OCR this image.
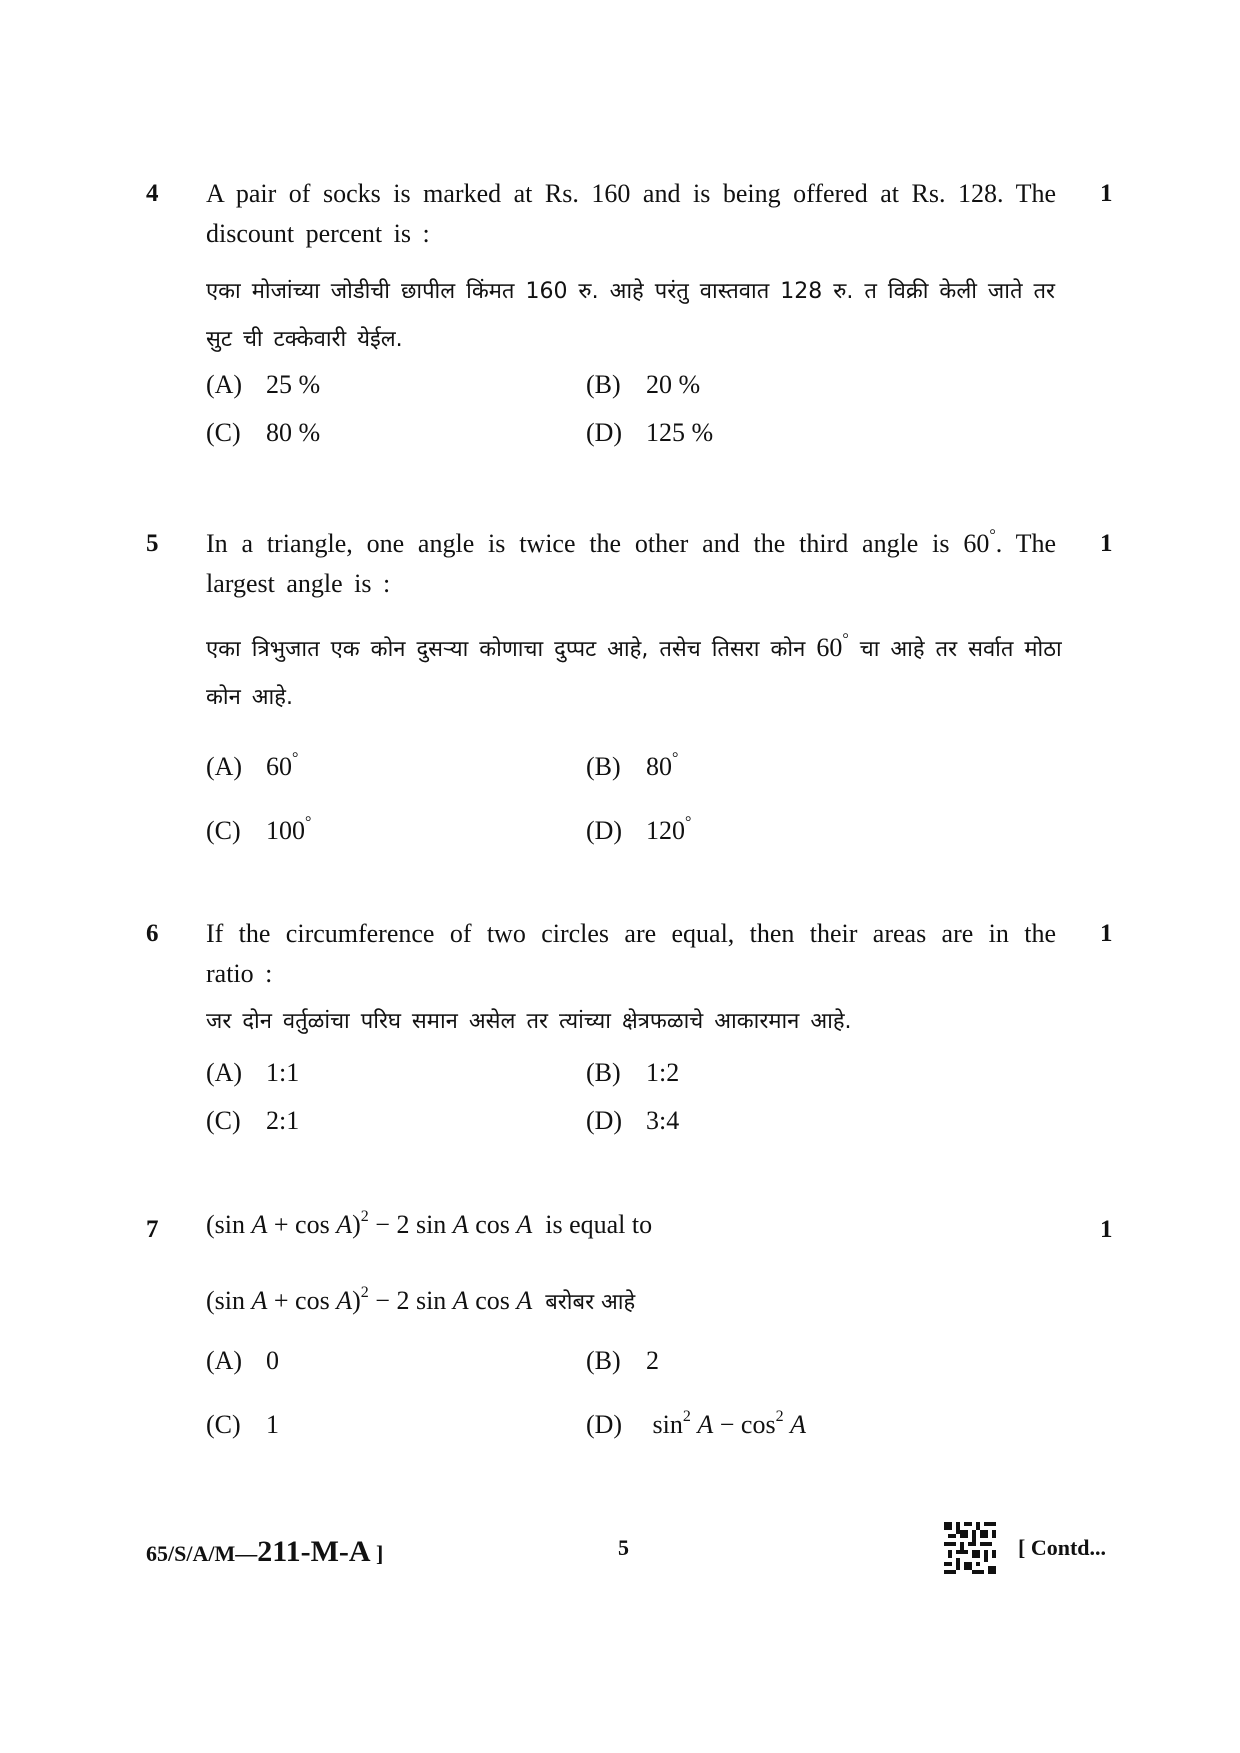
4	1
A pair of socks is marked at Rs. 160 and is being offered at Rs. 128. The discount percent is :
एका मोजांच्या जोडीची छापील किंमत 160 रु. आहे परंतु वास्तवात 128 रु. त विक्री केली जाते तर सुट ची टक्केवारी येईल.
(A) 25 %	(B) 20 %
(C) 80 %	(D) 125 %
5	1
In a triangle, one angle is twice the other and the third angle is 60°. The largest angle is :
एका त्रिभुजात एक कोन दुसऱ्या कोणाचा दुप्पट आहे, तसेच तिसरा कोन 60° चा आहे तर सर्वात मोठा कोन आहे.
(A) 60°	(B) 80°
(C) 100°	(D) 120°
6	1
If the circumference of two circles are equal, then their areas are in the ratio :
जर दोन वर्तुळांचा परिघ समान असेल तर त्यांच्या क्षेत्रफळाचे आकारमान आहे.
(A) 1:1	(B) 1:2
(C) 2:1	(D) 3:4
7	1
(sin A + cos A)$^2$ − 2 sin A cos A is equal to
(sin A + cos A)$^2$ − 2 sin A cos A बरोबर आहे
(A) 0	(B) 2
(C) 1	(D) $\sin^2 A - \cos^2 A$
65/S/A/M—211-M-A ]	5	[ Contd...
